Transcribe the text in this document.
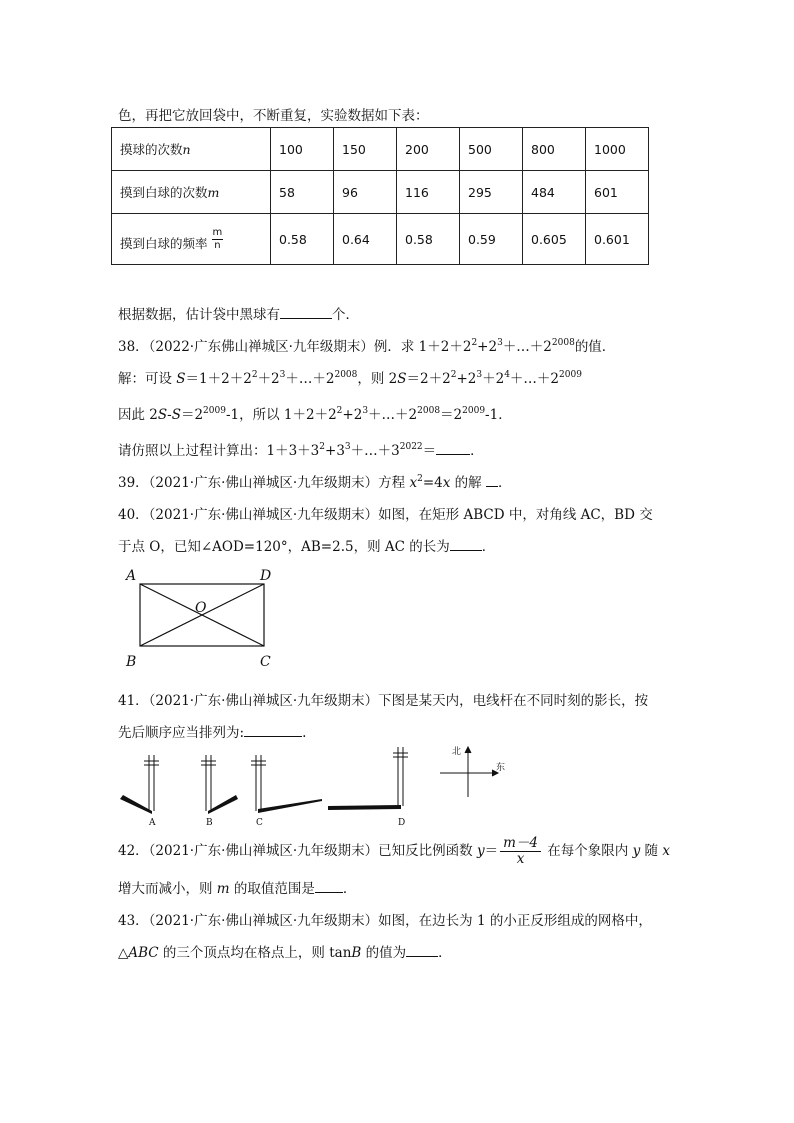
色，再把它放回袋中，不断重复，实验数据如下表：
摸球的次数n	100	150	200	500	800	1000
摸到白球的次数m	58	96	116	295	484	601
摸到白球的频率 $\frac{m}{n}$	0.58	0.64	0.58	0.59	0.605	0.601
根据数据，估计袋中黑球有	个．
38．（2022·广东佛山禅城区·九年级期末）例．求 $1+2+2^2+2^3+\dots+2^{2008}$的值．
解：可设 $S=1+2+2^2+2^3+\dots+2^{2008}$，则 $2S=2+2^2+2^3+2^4+\dots+2^{2009}$
因此 $2S-S=2^{2009}-1$，所以 $1+2+2^2+2^3+\dots+2^{2008}=2^{2009}-1$．
请仿照以上过程计算出：$1+3+3^2+3^3+\dots+3^{2022}=$	．
39．（2021·广东·佛山禅城区·九年级期末）方程 $x^2=4x$ 的解 ．
40．（2021·广东·佛山禅城区·九年级期末）如图，在矩形 ABCD 中，对角线 AC，BD 交
于点 O，已知∠AOD=120°，AB=2.5，则 AC 的长为 ．
A	D
B	C
O
41．（2021·广东·佛山禅城区·九年级期末）下图是某天内，电线杆在不同时刻的影长，按
先后顺序应当排列为:	.
A	B	C	D
北
东
42．（2021·广东·佛山禅城区·九年级期末）已知反比例函数 $y= \frac{m-4}{x}$ 在每个象限内 y 随 x
增大而减小，则 m 的取值范围是 ．
43．（2021·广东·佛山禅城区·九年级期末）如图，在边长为 1 的小正反形组成的网格中，
△ABC 的三个顶点均在格点上，则 tanB 的值为 ．
